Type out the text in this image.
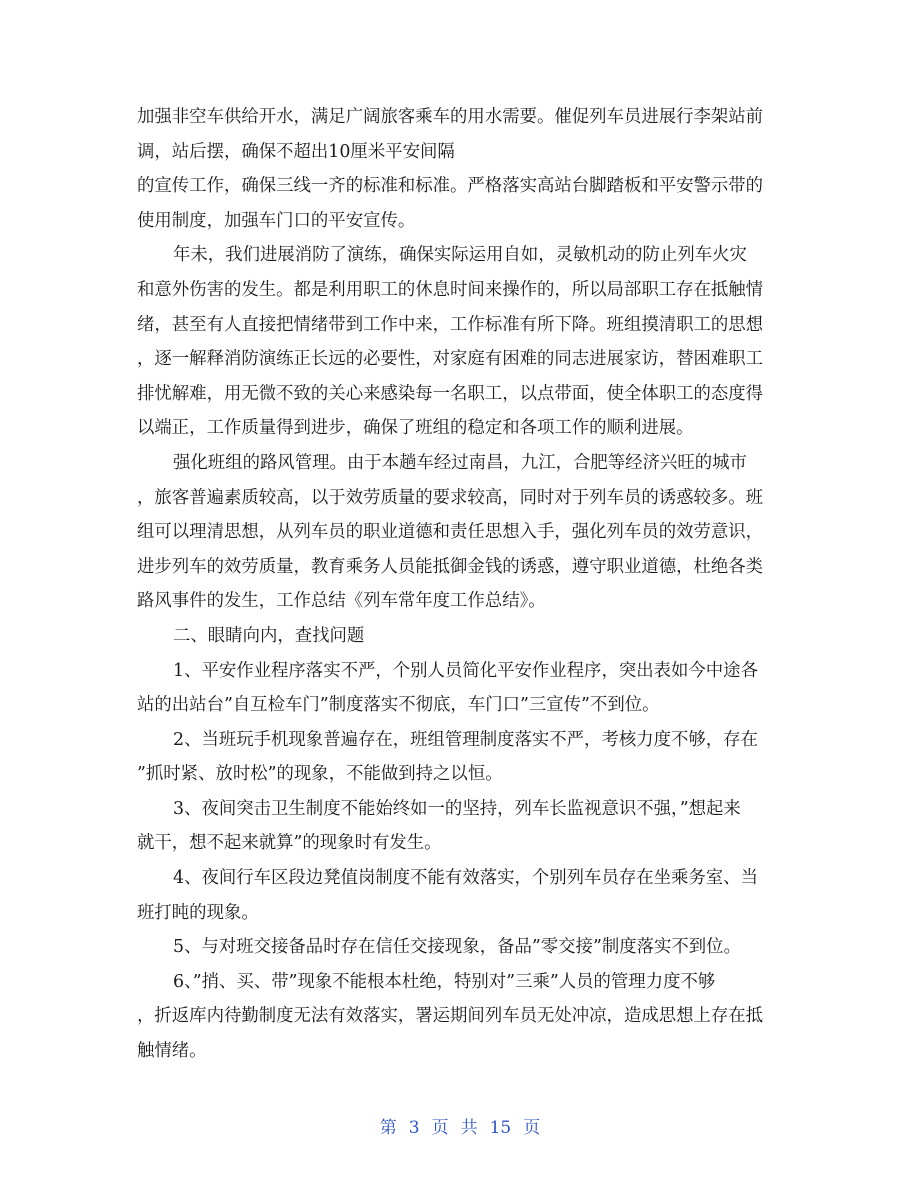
加强非空车供给开水，满足广阔旅客乘车的用水需要。催促列车员进展行李架站前
调，站后摆，确保不超出10厘米平安间隔
的宣传工作，确保三线一齐的标准和标准。严格落实高站台脚踏板和平安警示带的
使用制度，加强车门口的平安宣传。
年未，我们进展消防了演练，确保实际运用自如，灵敏机动的防止列车火灾
和意外伤害的发生。都是利用职工的休息时间来操作的，所以局部职工存在抵触情
绪，甚至有人直接把情绪带到工作中来，工作标准有所下降。班组摸清职工的思想
，逐一解释消防演练正长远的必要性，对家庭有困难的同志进展家访，替困难职工
排忧解难，用无微不致的关心来感染每一名职工，以点带面，使全体职工的态度得
以端正，工作质量得到进步，确保了班组的稳定和各项工作的顺利进展。
强化班组的路风管理。由于本趟车经过南昌，九江，合肥等经济兴旺的城市
，旅客普遍素质较高，以于效劳质量的要求较高，同时对于列车员的诱惑较多。班
组可以理清思想，从列车员的职业道德和责任思想入手，强化列车员的效劳意识，
进步列车的效劳质量，教育乘务人员能抵御金钱的诱惑，遵守职业道德，杜绝各类
路风事件的发生，工作总结《列车常年度工作总结》。
二、眼睛向内，查找问题
1、平安作业程序落实不严，个别人员简化平安作业程序，突出表如今中途各
站的出站台”自互检车门”制度落实不彻底，车门口”三宣传”不到位。
2、当班玩手机现象普遍存在，班组管理制度落实不严，考核力度不够，存在
”抓时紧、放时松”的现象，不能做到持之以恒。
3、夜间突击卫生制度不能始终如一的坚持，列车长监视意识不强，”想起来
就干，想不起来就算”的现象时有发生。
4、夜间行车区段边凳值岗制度不能有效落实，个别列车员存在坐乘务室、当
班打盹的现象。
5、与对班交接备品时存在信任交接现象，备品”零交接”制度落实不到位。
6、”捎、买、带”现象不能根本杜绝，特别对”三乘”人员的管理力度不够
，折返库内待勤制度无法有效落实，署运期间列车员无处冲凉，造成思想上存在抵
触情绪。
第 3 页 共 15 页
